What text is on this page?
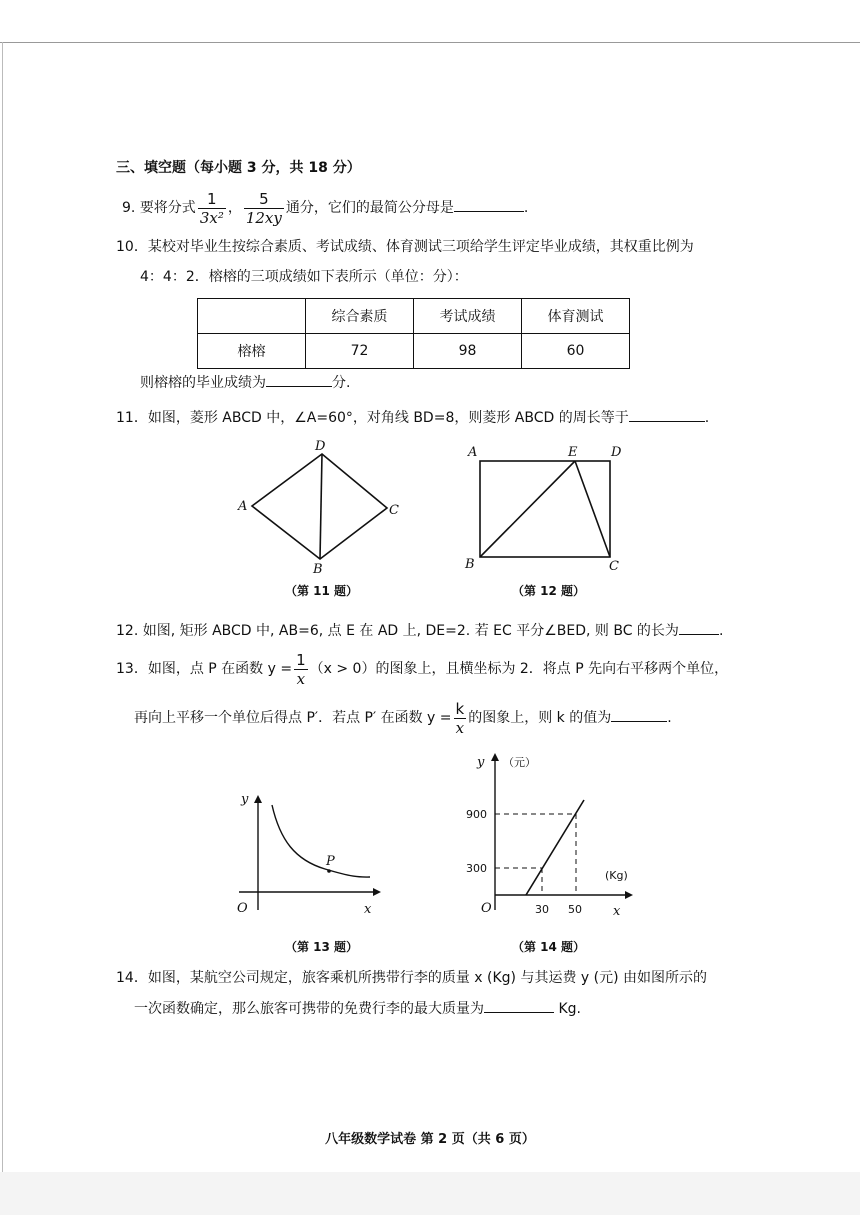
三、填空题（每小题 3 分，共 18 分）
9. 要将分式 $\frac{1}{\text{3x²}}$ ， $\frac{5}{12xy}$ 通分，它们的最简公分母是	.
10．某校对毕业生按综合素质、考试成绩、体育测试三项给学生评定毕业成绩，其权重比例为
4：4：2．榕榕的三项成绩如下表所示（单位：分）：
	综合素质	考试成绩	体育测试
榕榕	72	98	60
则榕榕的毕业成绩为	分.
11．如图，菱形 ABCD 中，∠A=60°，对角线 BD=8，则菱形 ABCD 的周长等于	.
D
A	C
B
（第 11 题）
A	E	D
B	C
（第 12 题）
12. 如图, 矩形 ABCD 中, AB=6, 点 E 在 AD 上, DE=2. 若 EC 平分∠BED, 则 BC 的长为	.
13．如图，点 P 在函数 $y = \frac{1}{x} (x > 0)$的图象上，且横坐标为 2．将点 P 先向右平移两个单位，
再向上平移一个单位后得点 P′．若点 P′ 在函数 $y = \frac{k}{x}$ 的图象上，则 k 的值为	.
y
O	x
P
（第 13 题）
y （元）
900
300
O	30 50 x
(Kg)
（第 14 题）
14．如图，某航空公司规定，旅客乘机所携带行李的质量 x (Kg) 与其运费 y (元) 由如图所示的
一次函数确定，那么旅客可携带的免费行李的最大质量为	Kg.
八年级数学试卷 第 2 页（共 6 页）
